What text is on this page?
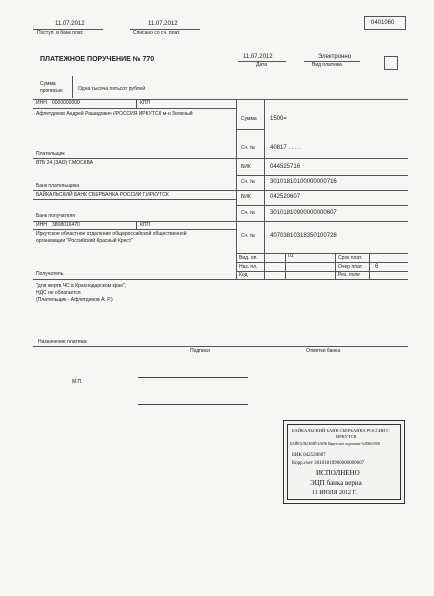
11.07.2012
Поступ. в банк плат.
11.07.2012
Списано со сч. плат.
0401060
ПЛАТЕЖНОЕ ПОРУЧЕНИЕ № 770	11.07.2012
Дата
Электронно
Вид платежа
Сумма прописью	Одна тысяча пятьсот рублей
ИНН 0000000000	КПП
Афлетдинов Андрей Рашидович //РОССИЯ ИРКУТСК м-н Зеленый
Плательщик
Сумма 1500=
Сч. № 40817 . . . .
ВТБ 24 (ЗАО) Г.МОСКВА
Банк плательщика
БИК	044525716
Сч. № 30101810100000000716
БАЙКАЛЬСКИЙ БАНК СБЕРБАНКА РОССИИ Г.ИРКУТСК
Банк получателя
БИК	042520607
Сч. № 30101810900000000607
ИНН 3808016470	КПП
Иркутское областное отделение общероссийской общественной
организации "Российский Красный Крест"
Получатель
Сч. № 40703810318350100728
Вид. оп.	01	Срок плат.
Наз. пл.	Очер плат. 6
Код	Рез. поле
"для жертв ЧС в Краснодарском крае",
НДС не облагается
(Плательщик - Афлетдинов А. Р.)
Назначение платежа
Подписи	Отметки банка
М.П.
БАЙКАЛЬСКИЙ БАНК СБЕРБАНКА РОССИИ Г.
ИРКУТСК
БАЙКАЛЬСКИЙ БАНК Иркутское отделение №8586/0050
БИК 042520607
Корр.счет 30101810900000000607
ИСПОЛНЕНО
ЭЦП банка верна
11 ИЮЛЯ 2012 Г.
